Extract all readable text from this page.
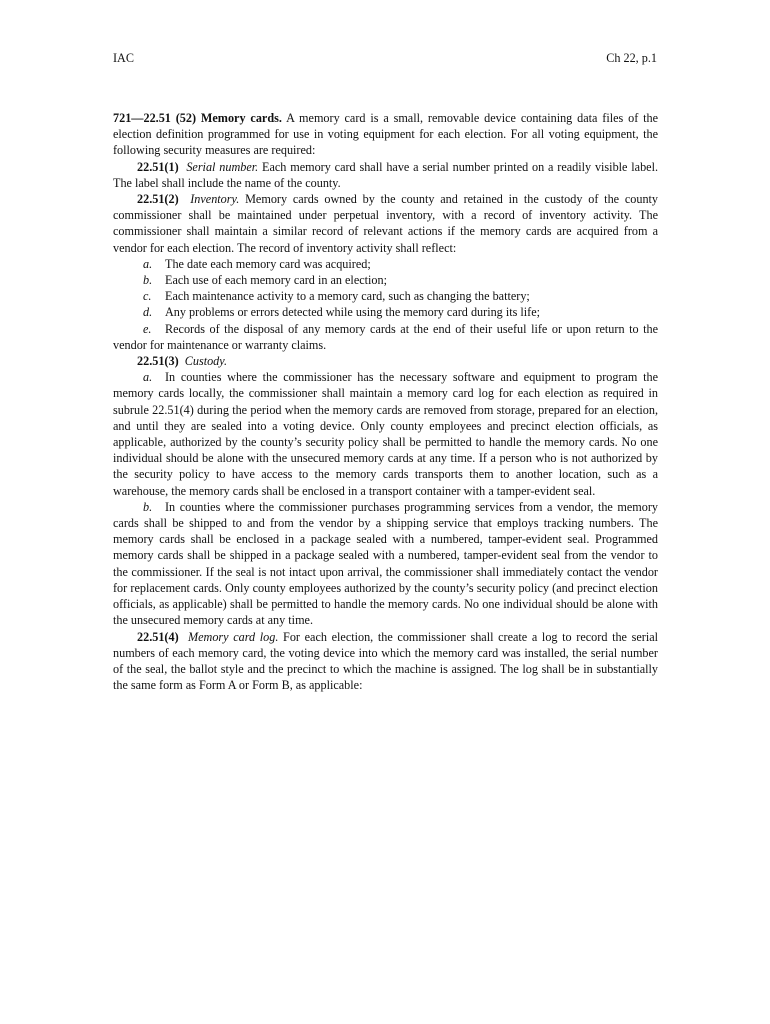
IAC	Ch 22, p.1

721—22.51 (52) Memory cards. A memory card is a small, removable device containing data files of the election definition programmed for use in voting equipment for each election. For all voting equipment, the following security measures are required:

22.51(1) Serial number. Each memory card shall have a serial number printed on a readily visible label. The label shall include the name of the county.

22.51(2) Inventory. Memory cards owned by the county and retained in the custody of the county commissioner shall be maintained under perpetual inventory, with a record of inventory activity. The commissioner shall maintain a similar record of relevant actions if the memory cards are acquired from a vendor for each election. The record of inventory activity shall reflect:

a. The date each memory card was acquired;

b. Each use of each memory card in an election;

c. Each maintenance activity to a memory card, such as changing the battery;

d. Any problems or errors detected while using the memory card during its life;

e. Records of the disposal of any memory cards at the end of their useful life or upon return to the vendor for maintenance or warranty claims.

22.51(3) Custody.

a. In counties where the commissioner has the necessary software and equipment to program the memory cards locally, the commissioner shall maintain a memory card log for each election as required in subrule 22.51(4) during the period when the memory cards are removed from storage, prepared for an election, and until they are sealed into a voting device. Only county employees and precinct election officials, as applicable, authorized by the county’s security policy shall be permitted to handle the memory cards. No one individual should be alone with the unsecured memory cards at any time. If a person who is not authorized by the security policy to have access to the memory cards transports them to another location, such as a warehouse, the memory cards shall be enclosed in a transport container with a tamper-evident seal.

b. In counties where the commissioner purchases programming services from a vendor, the memory cards shall be shipped to and from the vendor by a shipping service that employs tracking numbers. The memory cards shall be enclosed in a package sealed with a numbered, tamper-evident seal. Programmed memory cards shall be shipped in a package sealed with a numbered, tamper-evident seal from the vendor to the commissioner. If the seal is not intact upon arrival, the commissioner shall immediately contact the vendor for replacement cards. Only county employees authorized by the county’s security policy (and precinct election officials, as applicable) shall be permitted to handle the memory cards. No one individual should be alone with the unsecured memory cards at any time.

22.51(4) Memory card log. For each election, the commissioner shall create a log to record the serial numbers of each memory card, the voting device into which the memory card was installed, the serial number of the seal, the ballot style and the precinct to which the machine is assigned. The log shall be in substantially the same form as Form A or Form B, as applicable:
